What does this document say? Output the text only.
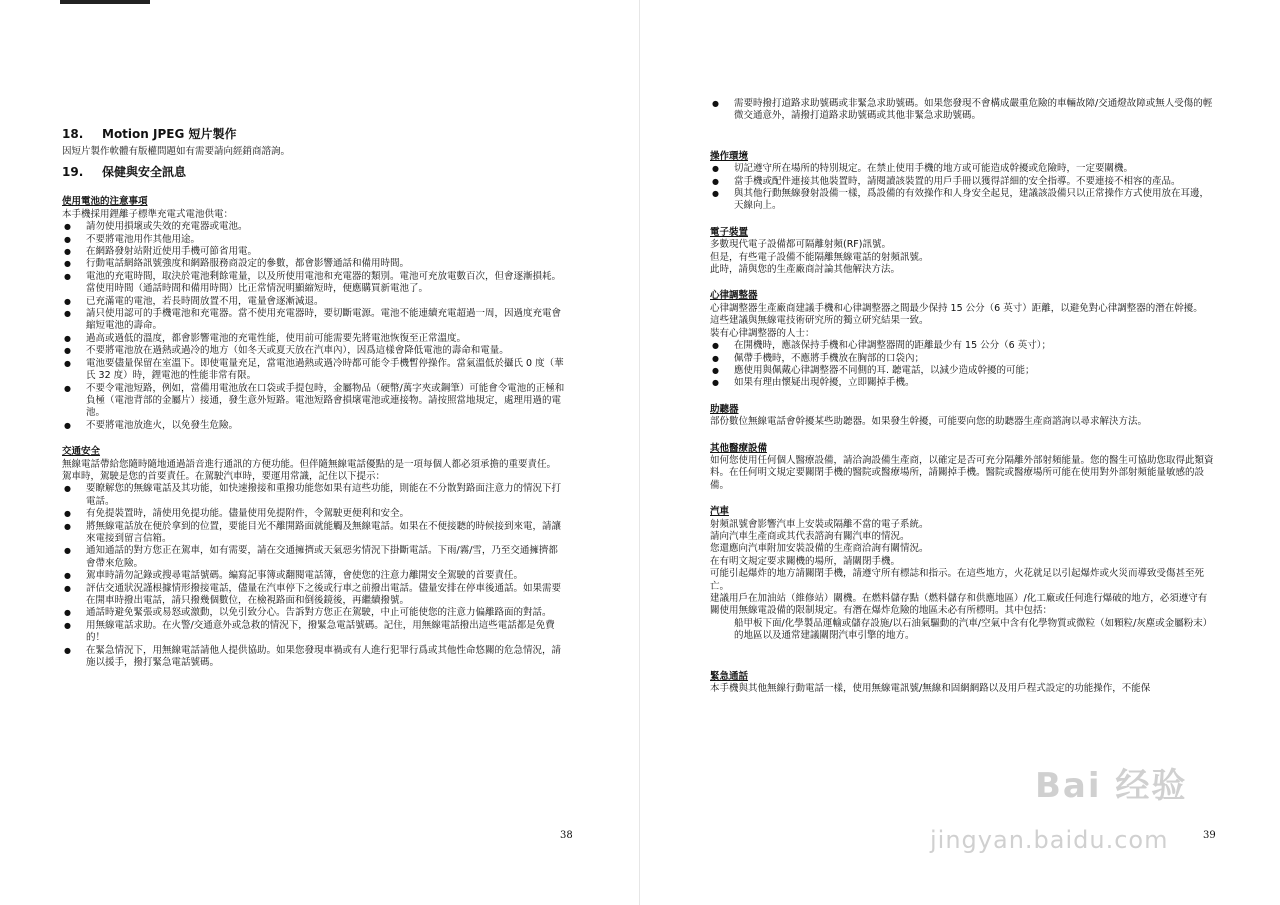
18. Motion JPEG 短片製作

因短片製作軟體有版權問題如有需要請向經銷商諮詢。

19. 保健與安全訊息

使用電池的注意事項

本手機採用鋰離子標準充電式電池供電：

● 請勿使用損壞或失效的充電器或電池。
● 不要將電池用作其他用途。
● 在網路發射站附近使用手機可節省用電。
● 行動電話網絡訊號強度和網路服務商設定的參數，都會影響通話和備用時間。
● 電池的充電時間，取決於電池剩餘電量，以及所使用電池和充電器的類別。電池可充放電數百次，但會逐漸損耗。當使用時間（通話時間和備用時間）比正常情況明顯縮短時，便應購買新電池了。
● 已充滿電的電池，若長時間放置不用，電量會逐漸減退。
● 請只使用認可的手機電池和充電器。當不使用充電器時，要切斷電源。電池不能連續充電超過一周，因過度充電會縮短電池的壽命。
● 過高或過低的溫度，都會影響電池的充電性能，使用前可能需要先將電池恢復至正常溫度。
● 不要將電池放在過熱或過冷的地方（如冬天或夏天放在汽車內），因爲這樣會降低電池的壽命和電量。
● 電池要儘量保留在室溫下。即使電量充足，當電池過熱或過冷時都可能令手機暫停操作。當氣溫低於攝氏 0 度（華氏 32 度）時，鋰電池的性能非常有限。
● 不要令電池短路，例如，當備用電池放在口袋或手提包時，金屬物品（硬幣/萬字夾或鋼筆）可能會令電池的正極和負極（電池背部的金屬片）接通，發生意外短路。電池短路會損壞電池或連接物。請按照當地規定，處理用過的電池。
● 不要將電池放進火，以免發生危險。

交通安全

無線電話帶給您隨時隨地通過語音進行通訊的方便功能。但伴隨無線電話優點的是一項每個人都必須承擔的重要責任。

駕車時，駕駛是您的首要責任。在駕駛汽車時，要運用常識，記住以下提示：

● 要瞭解您的無線電話及其功能，如快速撥接和重撥功能您如果有這些功能，則能在不分散對路面注意力的情況下打電話。
● 有免提裝置時，請使用免提功能。儘量使用免提附件，令駕駛更便利和安全。
● 將無線電話放在便於拿到的位置，要能目光不離開路面就能觸及無線電話。如果在不便接聽的時候接到來電，請讓來電接到留言信箱。
● 通知通話的對方您正在駕車，如有需要，請在交通擁擠或天氣惡劣情況下掛斷電話。下雨/霧/雪，乃至交通擁擠都會帶來危險。
● 駕車時請勿記錄或搜尋電話號碼。編寫記事簿或翻閱電話簿，會使您的注意力離開安全駕駛的首要責任。
● 評估交通狀況謹根據情形撥接電話，儘量在汽車停下之後或行車之前撥出電話。儘量安排在停車後通話。如果需要在開車時撥出電話，請只撥幾個數位，在檢視路面和倒後鏡後，再繼續撥號。
● 通話時避免緊張或易怒或激動，以免引致分心。告訴對方您正在駕駛，中止可能使您的注意力偏離路面的對話。
● 用無線電話求助。在火警/交通意外或急救的情況下，撥緊急電話號碼。記住，用無線電話撥出這些電話都是免費的！
● 在緊急情況下，用無線電話請他人提供協助。如果您發現車禍或有人進行犯罪行爲或其他性命悠關的危急情況，請施以援手，撥打緊急電話號碼。
38
● 需要時撥打道路求助號碼或非緊急求助號碼。如果您發現不會構成嚴重危險的車輛故障/交通燈故障或無人受傷的輕微交通意外，請撥打道路求助號碼或其他非緊急求助號碼。

操作環境

● 切記遵守所在場所的特別規定。在禁止使用手機的地方或可能造成幹擾或危險時，一定要關機。
● 當手機或配件連接其他裝置時，請閱讀該裝置的用戶手冊以獲得詳細的安全指導。不要連接不相容的產品。
● 與其他行動無線發射設備一樣，爲設備的有效操作和人身安全起見，建議該設備只以正常操作方式使用放在耳邊，天線向上。

電子裝置

多數現代電子設備都可隔離射頻(RF)訊號。

但是，有些電子設備不能隔離無線電話的射頻訊號。

此時，請與您的生產廠商討論其他解決方法。

心律調整器

心律調整器生產廠商建議手機和心律調整器之間最少保持 15 公分（6 英寸）距離，以避免對心律調整器的潛在幹擾。

這些建議與無線電技術研究所的獨立研究結果一致。

裝有心律調整器的人士：

● 在開機時，應該保持手機和心律調整器間的距離最少有 15 公分（6 英寸）；
● 佩帶手機時，不應將手機放在胸部的口袋內；
● 應使用與佩戴心律調整器不同側的耳. 聽電話，以減少造成幹擾的可能；
● 如果有理由懷疑出現幹擾，立即關掉手機。

助聽器

部份數位無線電話會幹擾某些助聽器。如果發生幹擾，可能要向您的助聽器生產商諮詢以尋求解決方法。

其他醫療設備

如何您使用任何個人醫療設備，請洽詢設備生產商，以確定是否可充分隔離外部射頻能量。您的醫生可協助您取得此類資料。在任何明文規定要關閉手機的醫院或醫療場所，請關掉手機。醫院或醫療場所可能在使用對外部射頻能量敏感的設備。

汽車

射頻訊號會影響汽車上安裝或隔離不當的電子系統。

請向汽車生產商或其代表諮詢有關汽車的情況。

您還應向汽車附加安裝設備的生產商洽詢有關情況。

在有明文規定要求關機的場所，請關閉手機。

可能引起爆炸的地方請關閉手機，請遵守所有標誌和指示。在這些地方，火花就足以引起爆炸或火災而導致受傷甚至死亡。

建議用戶在加油站（維修站）關機。在燃料儲存點（燃料儲存和供應地區）/化工廠或任何進行爆破的地方，必須遵守有關使用無線電設備的限制規定。有潛在爆炸危險的地區未必有所標明。其中包括：

船甲板下面/化學製品運輸或儲存設施/以石油氣驅動的汽車/空氣中含有化學物質或微粒（如顆粒/灰塵或金屬粉末）的地區以及通常建議關閉汽車引擎的地方。

緊急通話

本手機與其他無線行動電話一樣，使用無線電訊號/無線和固網網路以及用戶程式設定的功能操作，不能保

39
Bai 经验
jingyan.baidu.com
